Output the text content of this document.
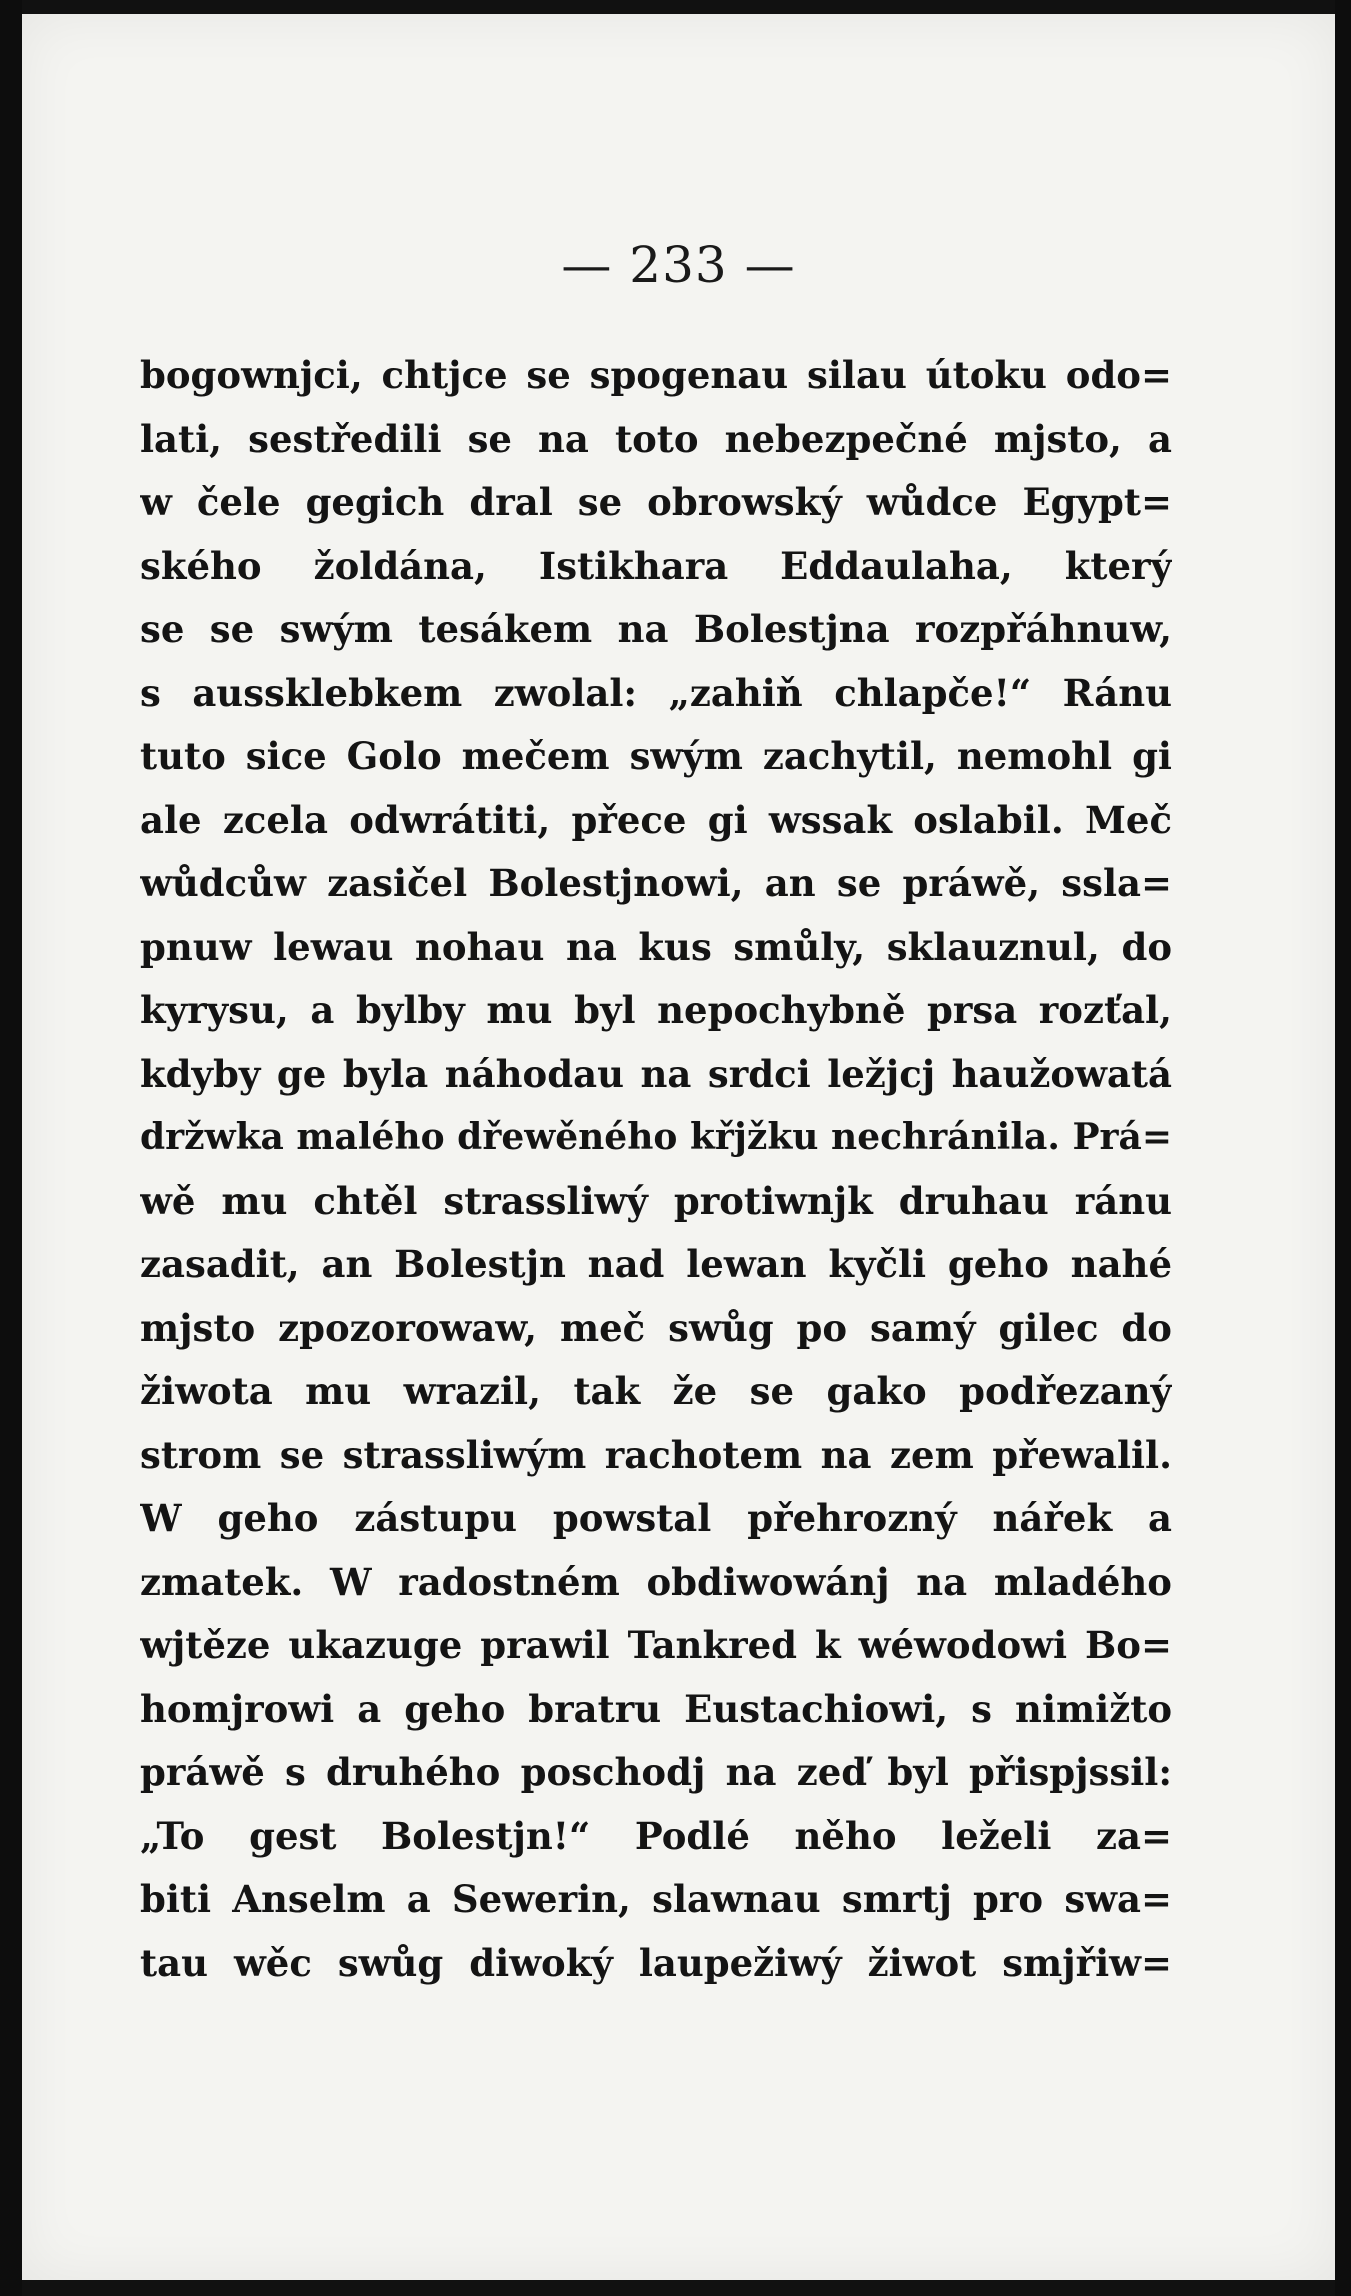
— 233 —
bogownjci, chtjce se spogenau silau útoku odo=
lati, sestředili se na toto nebezpečné mjsto, a
w čele gegich dral se obrowský wůdce Egypt=
ského žoldána, Istikhara Eddaulaha, který
se se swým tesákem na Bolestjna rozpřáhnuw,
s aussklebkem zwolal: „zahiň chlapče!“ Ránu
tuto sice Golo mečem swým zachytil, nemohl gi
ale zcela odwrátiti, přece gi wssak oslabil. Meč
wůdcůw zasičel Bolestjnowi, an se práwě, ssla=
pnuw lewau nohau na kus smůly, sklauznul, do
kyrysu, a bylby mu byl nepochybně prsa rozťal,
kdyby ge byla náhodau na srdci ležjcj haužowatá
držwka malého dřewěného křjžku nechránila. Prá=
wě mu chtěl strassliwý protiwnjk druhau ránu
zasadit, an Bolestjn nad lewan kyčli geho nahé
mjsto zpozorowaw, meč swůg po samý gilec do
žiwota mu wrazil, tak že se gako podřezaný
strom se strassliwým rachotem na zem přewalil.
W geho zástupu powstal přehrozný nářek a
zmatek. W radostném obdiwowánj na mladého
wjtěze ukazuge prawil Tankred k wéwodowi Bo=
homjrowi a geho bratru Eustachiowi, s nimižto
práwě s druhého poschodj na zeď byl přispjssil:
„To gest Bolestjn!“ Podlé něho leželi za=
biti Anselm a Sewerin, slawnau smrtj pro swa=
tau wěc swůg diwoký laupežiwý žiwot smjřiw=
